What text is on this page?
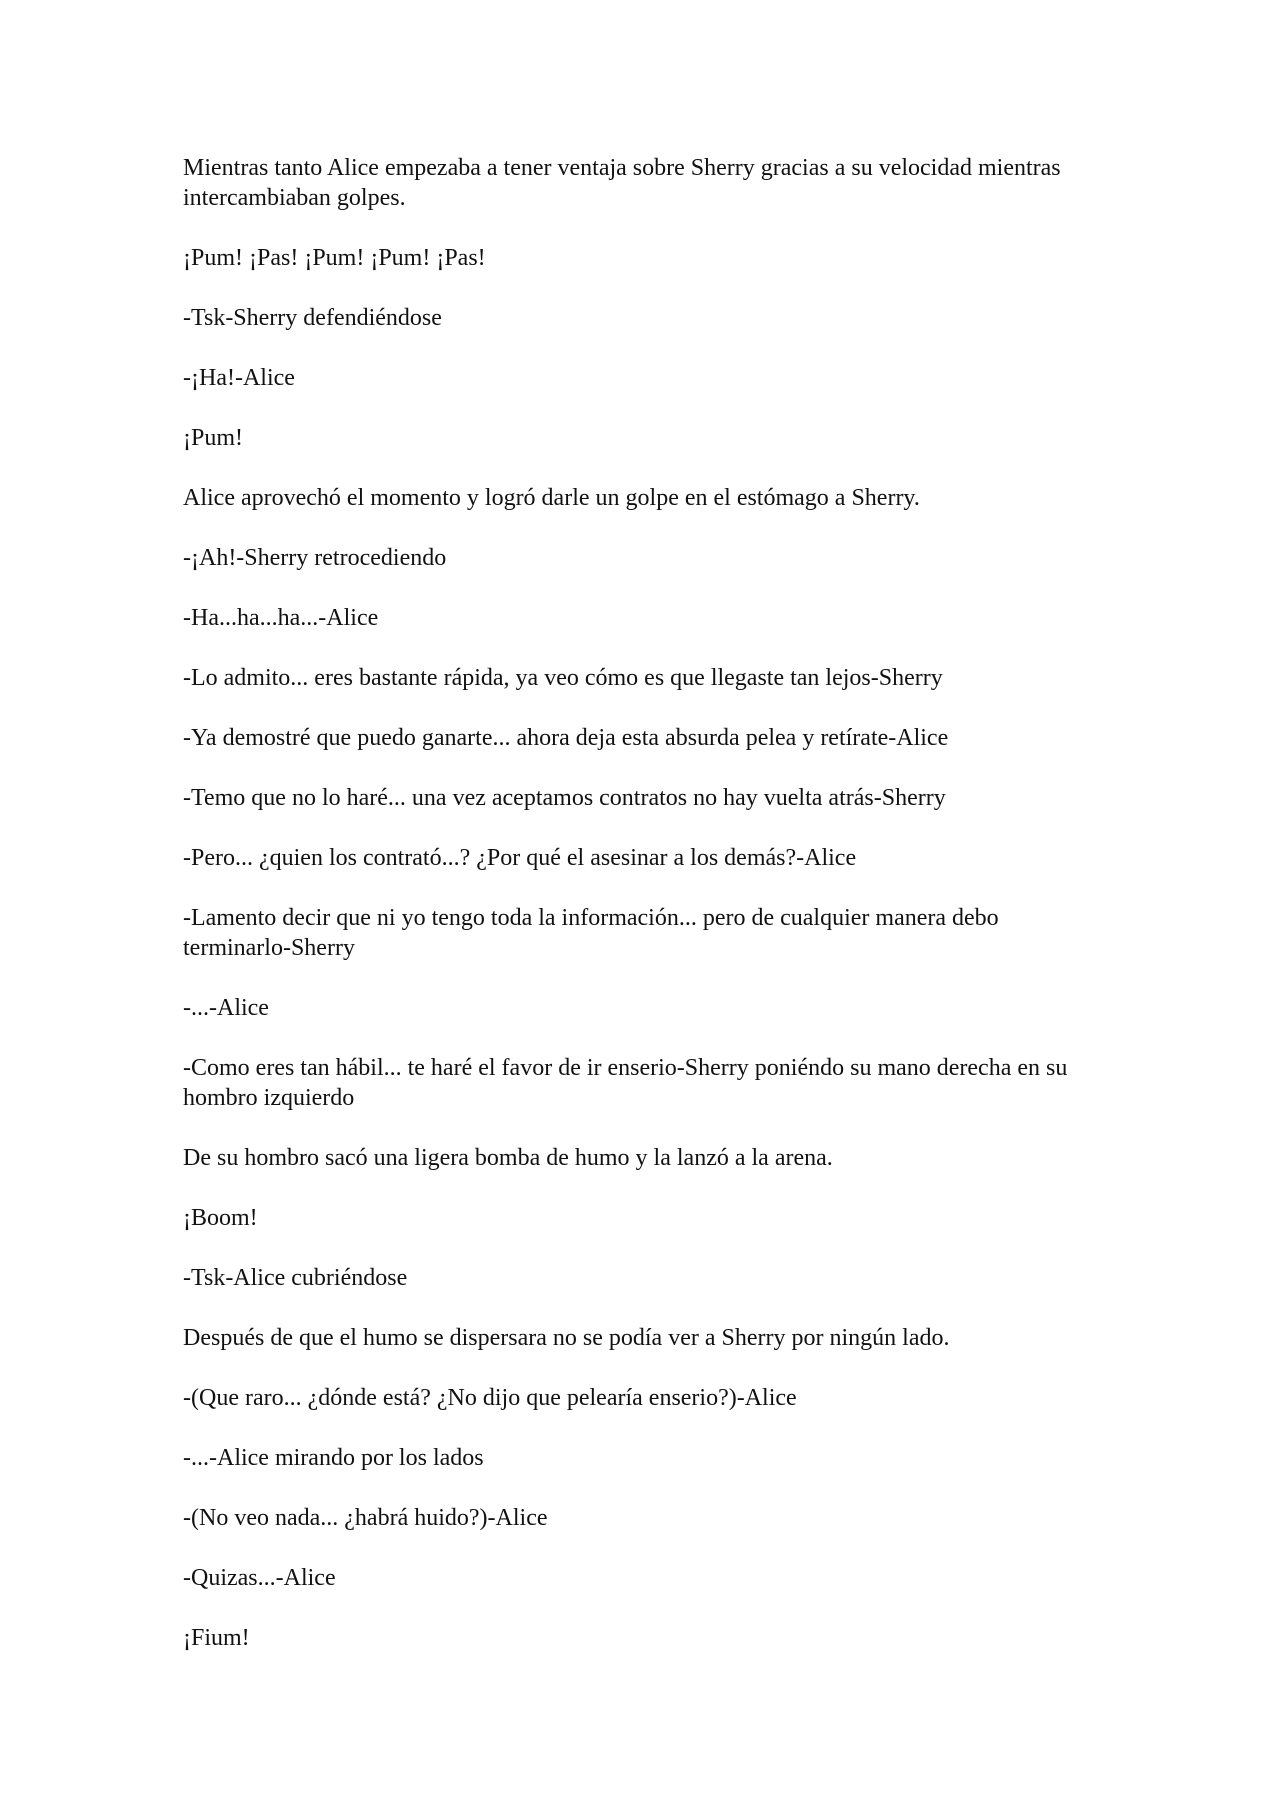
Mientras tanto Alice empezaba a tener ventaja sobre Sherry gracias a su velocidad mientras intercambiaban golpes.

¡Pum! ¡Pas! ¡Pum! ¡Pum! ¡Pas!

-Tsk-Sherry defendiéndose

-¡Ha!-Alice

¡Pum!

Alice aprovechó el momento y logró darle un golpe en el estómago a Sherry.

-¡Ah!-Sherry retrocediendo

-Ha...ha...ha...-Alice

-Lo admito... eres bastante rápida, ya veo cómo es que llegaste tan lejos-Sherry

-Ya demostré que puedo ganarte... ahora deja esta absurda pelea y retírate-Alice

-Temo que no lo haré... una vez aceptamos contratos no hay vuelta atrás-Sherry

-Pero... ¿quien los contrató...? ¿Por qué el asesinar a los demás?-Alice

-Lamento decir que ni yo tengo toda la información... pero de cualquier manera debo terminarlo-Sherry

-...-Alice

-Como eres tan hábil... te haré el favor de ir enserio-Sherry poniéndo su mano derecha en su hombro izquierdo

De su hombro sacó una ligera bomba de humo y la lanzó a la arena.

¡Boom!

-Tsk-Alice cubriéndose

Después de que el humo se dispersara no se podía ver a Sherry por ningún lado.

-(Que raro... ¿dónde está? ¿No dijo que pelearía enserio?)-Alice

-...-Alice mirando por los lados

-(No veo nada... ¿habrá huido?)-Alice

-Quizas...-Alice

¡Fium!
